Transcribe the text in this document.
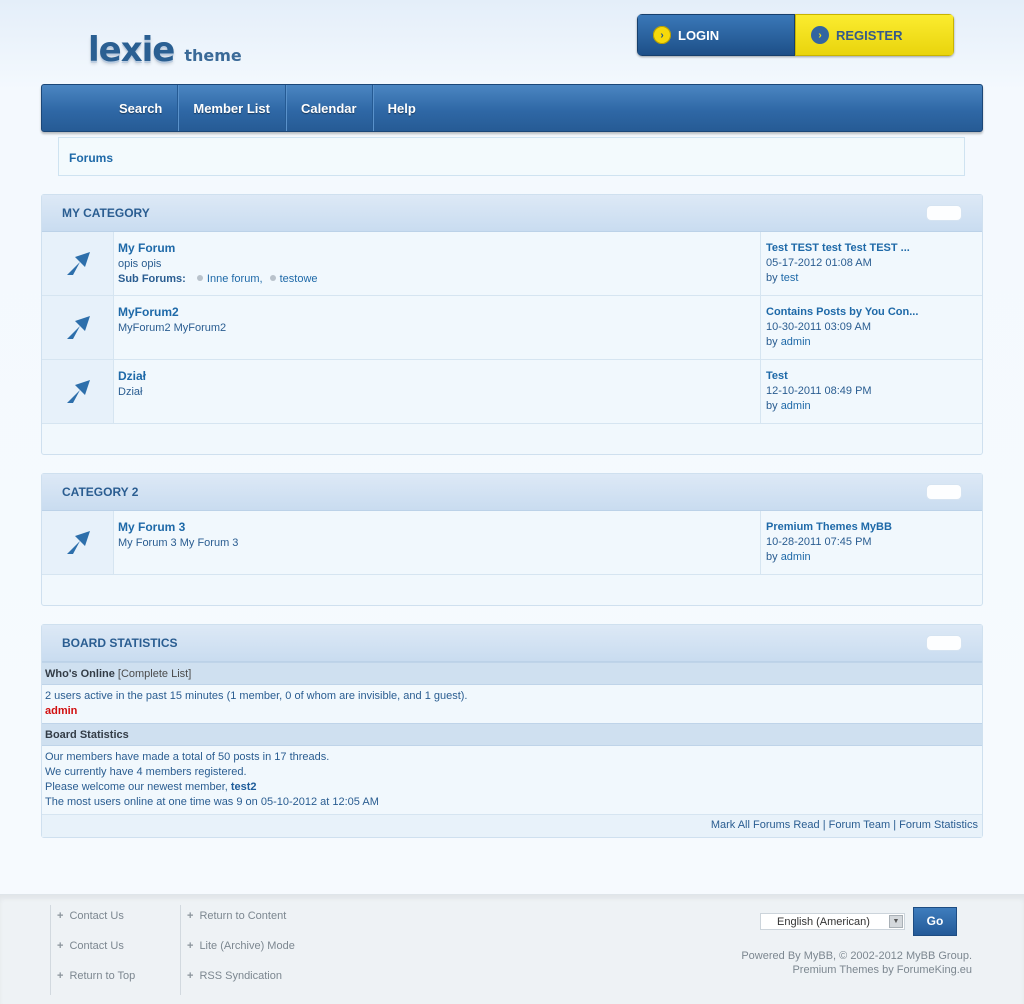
lexie theme
›	LOGIN	›	REGISTER
Search	Member List	Calendar	Help
Forums
MY CATEGORY
My Forum
opis opis
Sub Forums: Inne forum, testowe
Test TEST test Test TEST ...
05-17-2012 01:08 AM
by test
MyForum2
MyForum2 MyForum2
Contains Posts by You Con...
10-30-2011 03:09 AM
by admin
Dział
Dział
Test
12-10-2011 08:49 PM
by admin
CATEGORY 2
My Forum 3
My Forum 3 My Forum 3
Premium Themes MyBB
10-28-2011 07:45 PM
by admin
BOARD STATISTICS
Who's Online [Complete List]
2 users active in the past 15 minutes (1 member, 0 of whom are invisible, and 1 guest).
admin
Board Statistics
Our members have made a total of 50 posts in 17 threads.
We currently have 4 members registered.
Please welcome our newest member, test2
The most users online at one time was 9 on 05-10-2012 at 12:05 AM
Mark All Forums Read | Forum Team | Forum Statistics
+ Contact Us
+ Contact Us
+ Return to Top
+ Return to Content
+ Lite (Archive) Mode
+ RSS Syndication
English (American)	▼	Go
Powered By MyBB, © 2002-2012 MyBB Group.
Premium Themes by ForumeKing.eu
